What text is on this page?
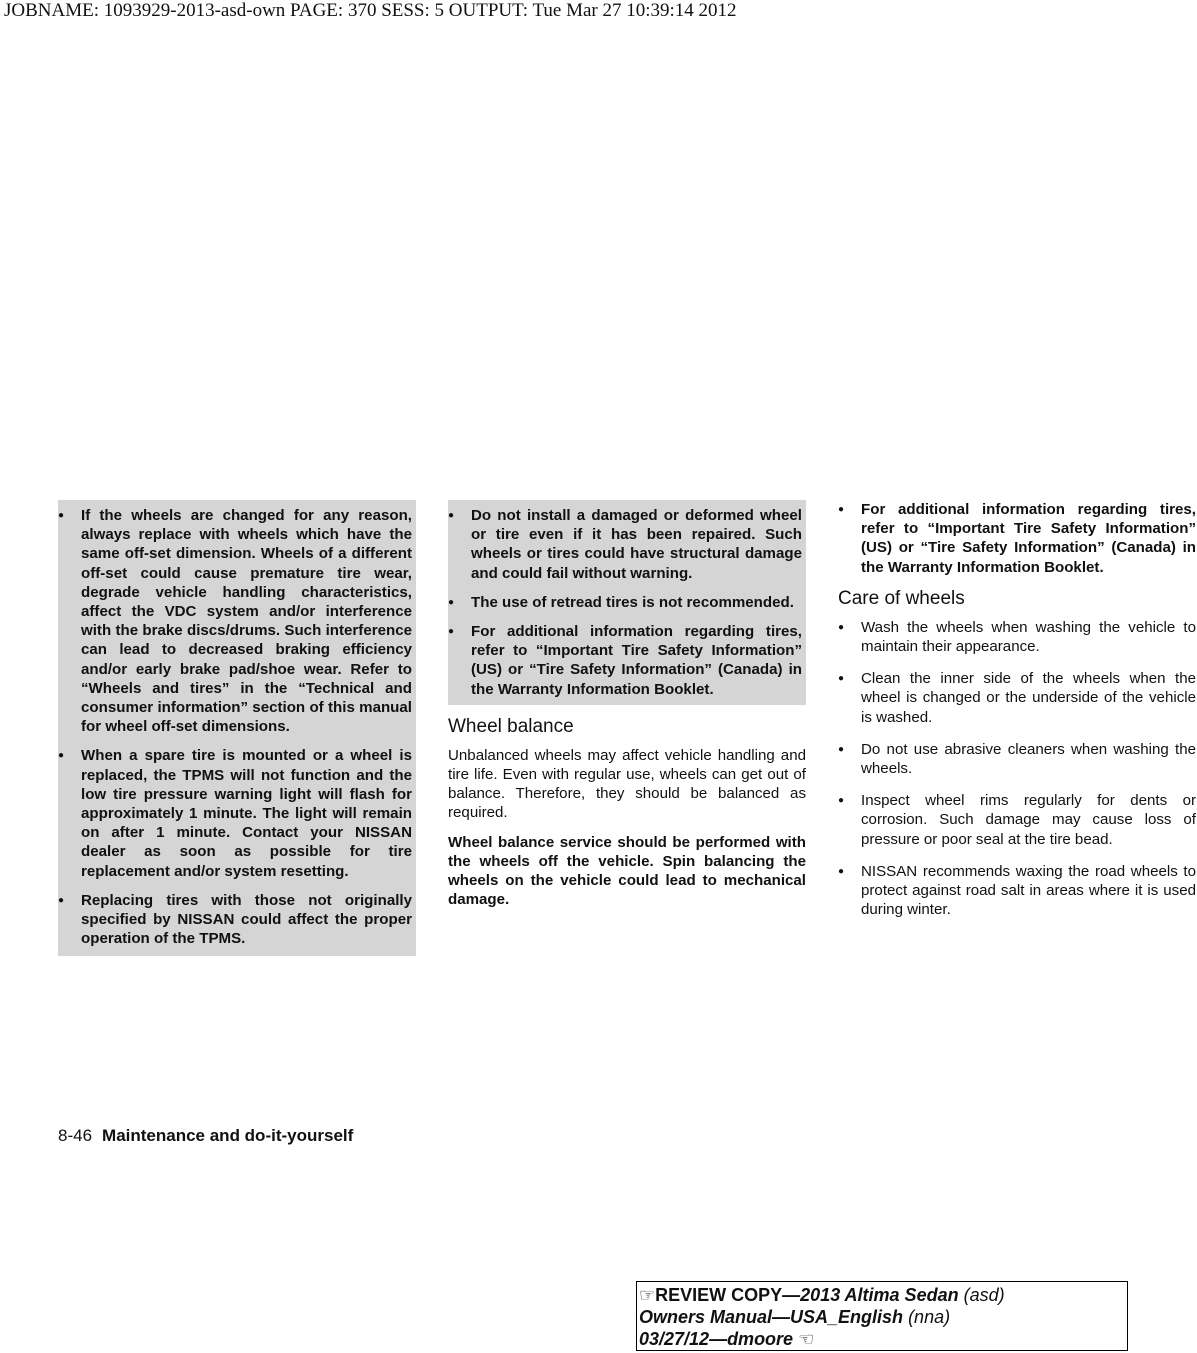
JOBNAME: 1093929-2013-asd-own PAGE: 370 SESS: 5 OUTPUT: Tue Mar 27 10:39:14 2012
● If the wheels are changed for any reason, always replace with wheels which have the same off-set dimension. Wheels of a different off-set could cause premature tire wear, degrade vehicle handling characteristics, affect the VDC system and/or interference with the brake discs/drums. Such interference can lead to decreased braking efficiency and/or early brake pad/shoe wear. Refer to “Wheels and tires” in the “Technical and consumer information” section of this manual for wheel off-set dimensions.
● When a spare tire is mounted or a wheel is replaced, the TPMS will not function and the low tire pressure warning light will flash for approximately 1 minute. The light will remain on after 1 minute. Contact your NISSAN dealer as soon as possible for tire replacement and/or system resetting.
● Replacing tires with those not originally specified by NISSAN could affect the proper operation of the TPMS.
● Do not install a damaged or deformed wheel or tire even if it has been repaired. Such wheels or tires could have structural damage and could fail without warning.
● The use of retread tires is not recommended.
● For additional information regarding tires, refer to “Important Tire Safety Information” (US) or “Tire Safety Information” (Canada) in the Warranty Information Booklet.
Wheel balance

Unbalanced wheels may affect vehicle handling and tire life. Even with regular use, wheels can get out of balance. Therefore, they should be balanced as required.

Wheel balance service should be performed with the wheels off the vehicle. Spin balancing the wheels on the vehicle could lead to mechanical damage.

● For additional information regarding tires, refer to “Important Tire Safety Information” (US) or “Tire Safety Information” (Canada) in the Warranty Information Booklet.
Care of wheels
● Wash the wheels when washing the vehicle to maintain their appearance.
● Clean the inner side of the wheels when the wheel is changed or the underside of the vehicle is washed.
● Do not use abrasive cleaners when washing the wheels.
● Inspect wheel rims regularly for dents or corrosion. Such damage may cause loss of pressure or poor seal at the tire bead.
● NISSAN recommends waxing the road wheels to protect against road salt in areas where it is used during winter.
8-46 Maintenance and do-it-yourself
☞REVIEW COPY—2013 Altima Sedan (asd)
Owners Manual—USA_English (nna)
03/27/12—dmoore ☜
